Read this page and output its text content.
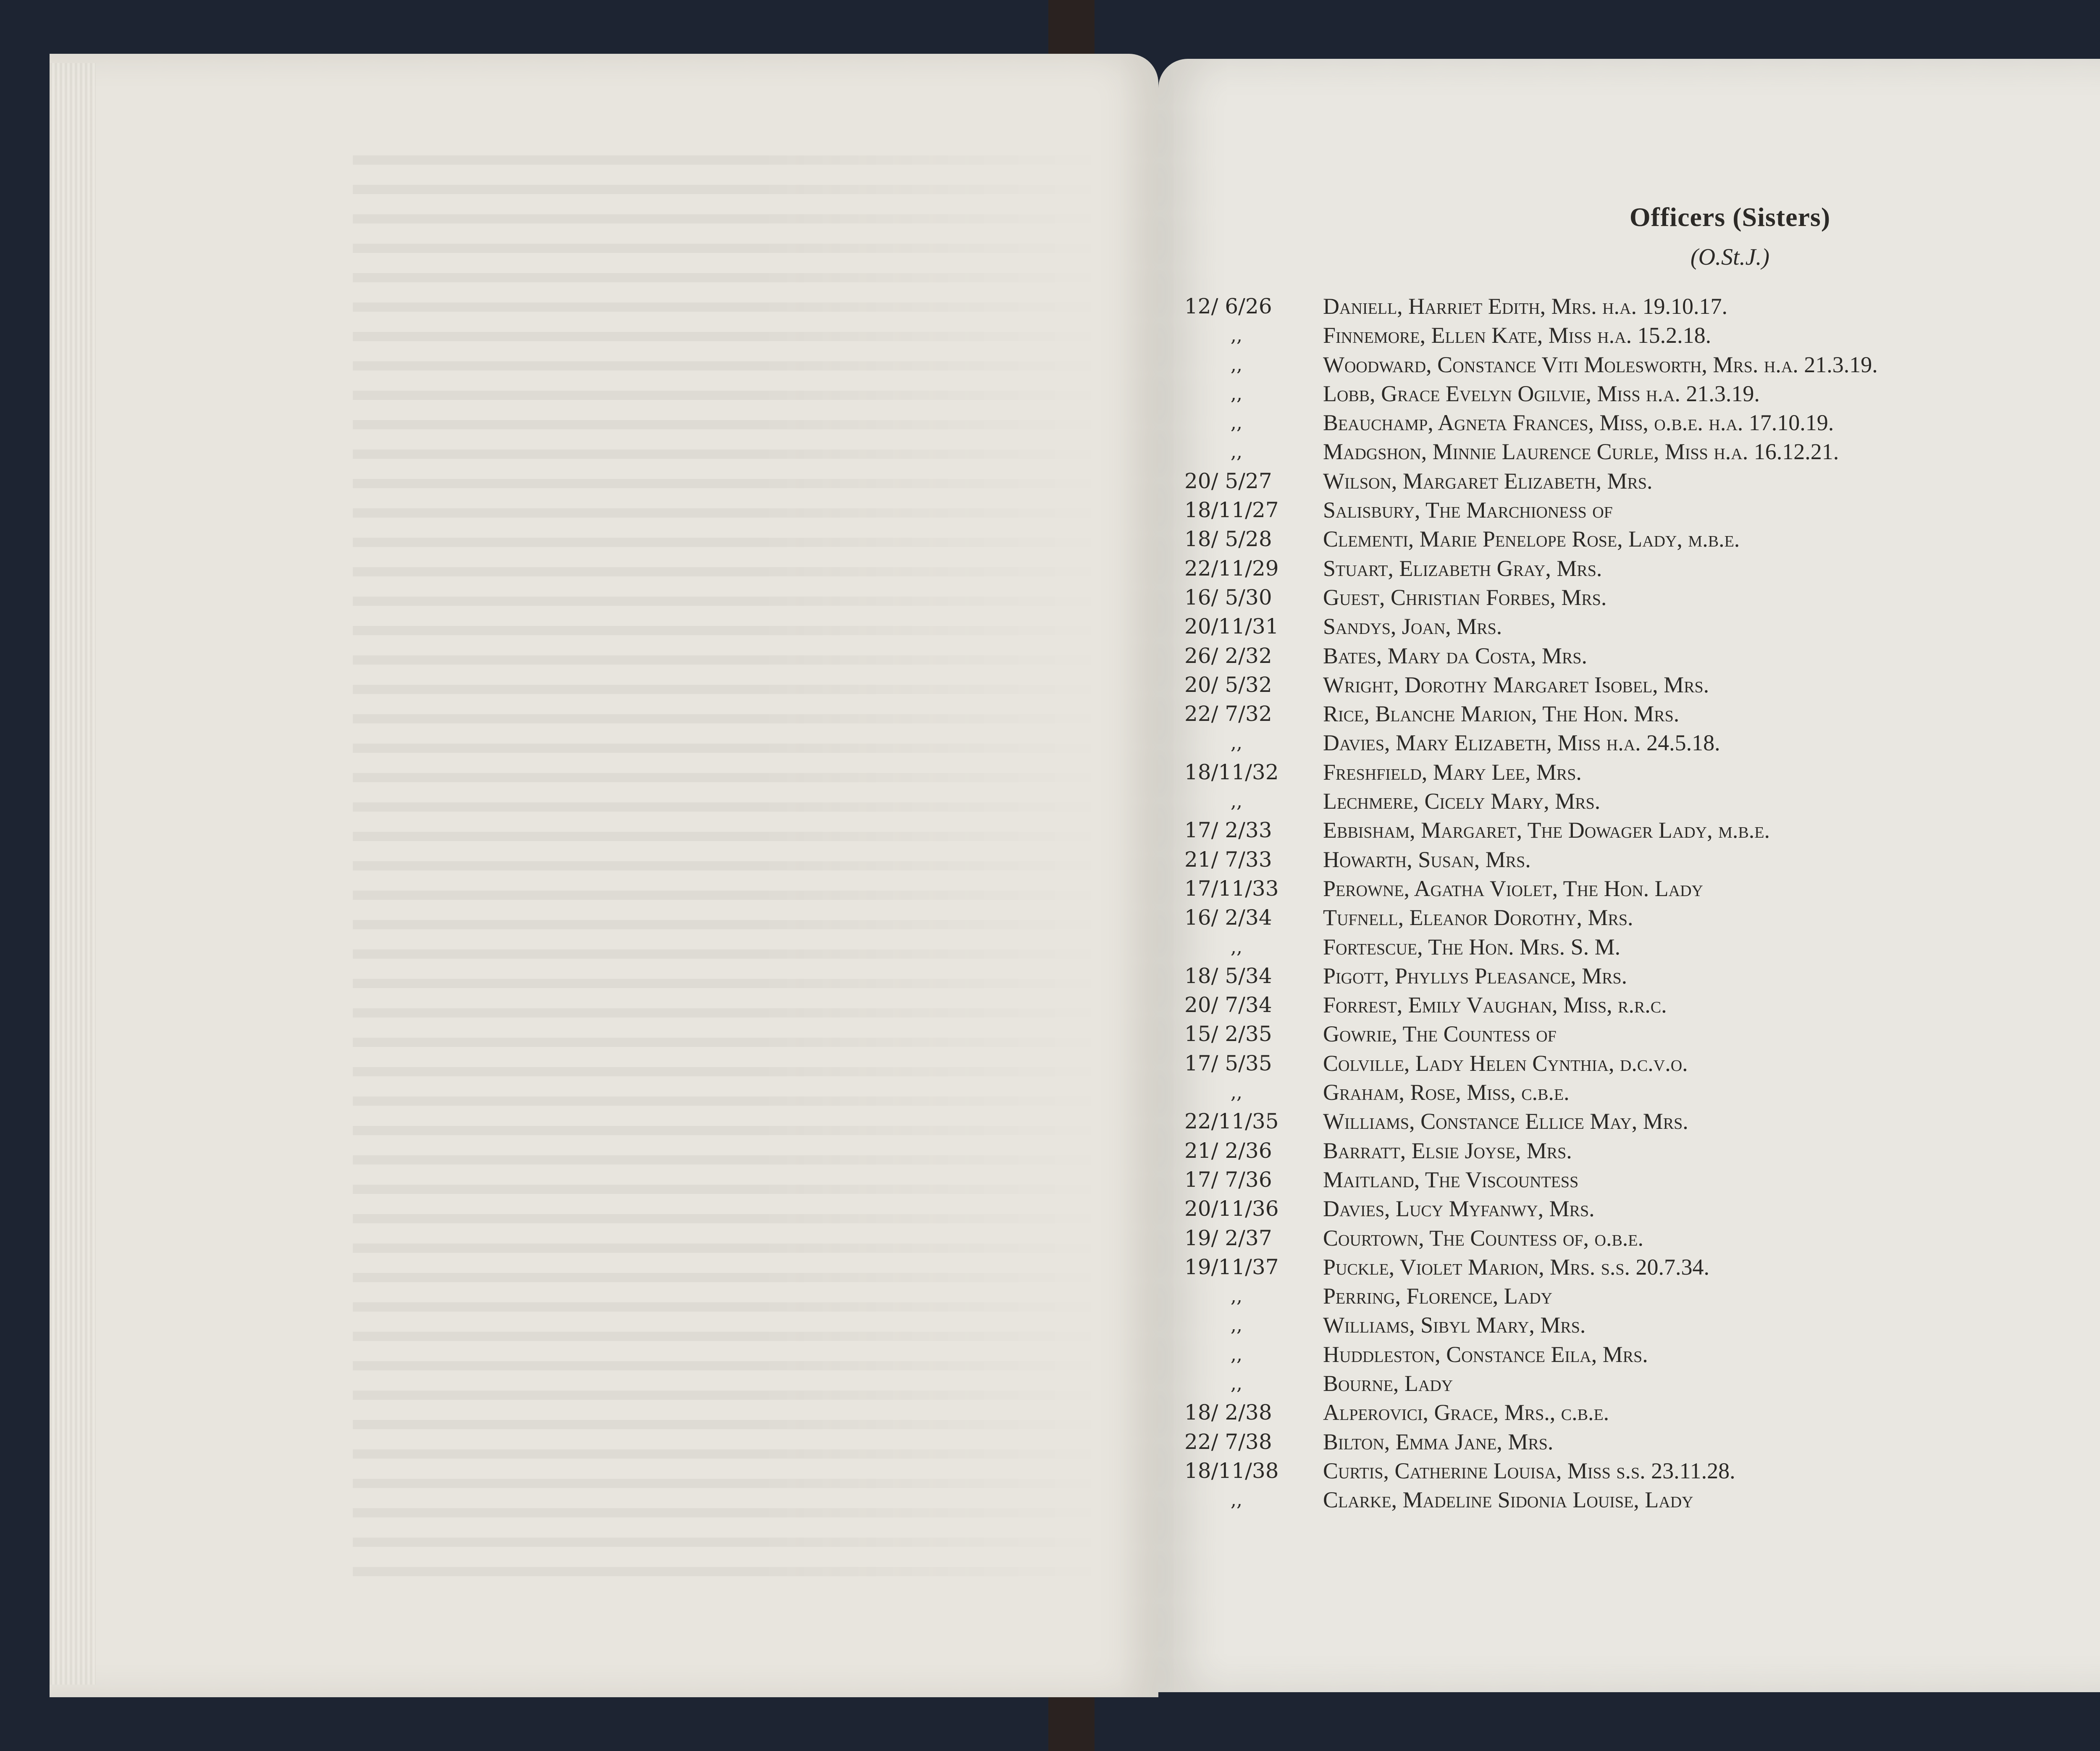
Officers (Sisters)
(O.St.J.)
12/ 6/26	Daniell, Harriet Edith, Mrs. h.a. 19.10.17.
,,	Finnemore, Ellen Kate, Miss h.a. 15.2.18.
,,	Woodward, Constance Viti Molesworth, Mrs. h.a. 21.3.19.
,,	Lobb, Grace Evelyn Ogilvie, Miss h.a. 21.3.19.
,,	Beauchamp, Agneta Frances, Miss, o.b.e. h.a. 17.10.19.
,,	Madgshon, Minnie Laurence Curle, Miss h.a. 16.12.21.
20/ 5/27	Wilson, Margaret Elizabeth, Mrs.
18/11/27	Salisbury, The Marchioness of
18/ 5/28	Clementi, Marie Penelope Rose, Lady, m.b.e.
22/11/29	Stuart, Elizabeth Gray, Mrs.
16/ 5/30	Guest, Christian Forbes, Mrs.
20/11/31	Sandys, Joan, Mrs.
26/ 2/32	Bates, Mary da Costa, Mrs.
20/ 5/32	Wright, Dorothy Margaret Isobel, Mrs.
22/ 7/32	Rice, Blanche Marion, The Hon. Mrs.
,,	Davies, Mary Elizabeth, Miss h.a. 24.5.18.
18/11/32	Freshfield, Mary Lee, Mrs.
,,	Lechmere, Cicely Mary, Mrs.
17/ 2/33	Ebbisham, Margaret, The Dowager Lady, m.b.e.
21/ 7/33	Howarth, Susan, Mrs.
17/11/33	Perowne, Agatha Violet, The Hon. Lady
16/ 2/34	Tufnell, Eleanor Dorothy, Mrs.
,,	Fortescue, The Hon. Mrs. S. M.
18/ 5/34	Pigott, Phyllys Pleasance, Mrs.
20/ 7/34	Forrest, Emily Vaughan, Miss, r.r.c.
15/ 2/35	Gowrie, The Countess of
17/ 5/35	Colville, Lady Helen Cynthia, d.c.v.o.
,,	Graham, Rose, Miss, c.b.e.
22/11/35	Williams, Constance Ellice May, Mrs.
21/ 2/36	Barratt, Elsie Joyse, Mrs.
17/ 7/36	Maitland, The Viscountess
20/11/36	Davies, Lucy Myfanwy, Mrs.
19/ 2/37	Courtown, The Countess of, o.b.e.
19/11/37	Puckle, Violet Marion, Mrs. s.s. 20.7.34.
,,	Perring, Florence, Lady
,,	Williams, Sibyl Mary, Mrs.
,,	Huddleston, Constance Eila, Mrs.
,,	Bourne, Lady
18/ 2/38	Alperovici, Grace, Mrs., c.b.e.
22/ 7/38	Bilton, Emma Jane, Mrs.
18/11/38	Curtis, Catherine Louisa, Miss s.s. 23.11.28.
,,	Clarke, Madeline Sidonia Louise, Lady
